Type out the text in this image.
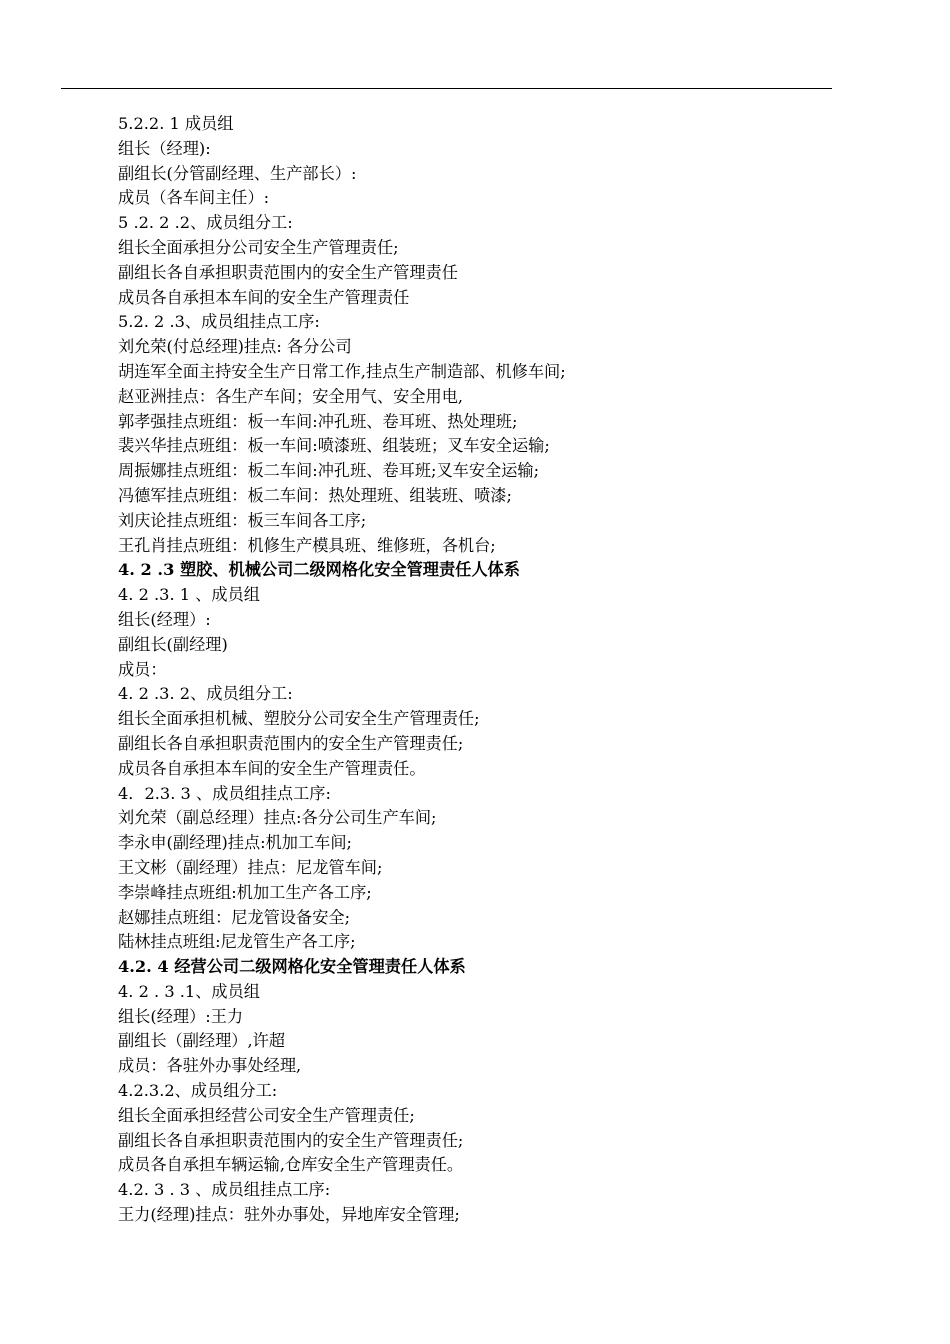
5.2.2. 1 成员组
组长（经理):
副组长(分管副经理、生产部长）:
成员（各车间主任）:
5 .2. 2 .2、成员组分工:
组长全面承担分公司安全生产管理责任;
副组长各自承担职责范围内的安全生产管理责任
成员各自承担本车间的安全生产管理责任
5.2. 2 .3、成员组挂点工序:
刘允荣(付总经理)挂点: 各分公司
胡连军全面主持安全生产日常工作,挂点生产制造部、机修车间;
赵亚洲挂点：各生产车间；安全用气、安全用电,
郭孝强挂点班组：板一车间:冲孔班、卷耳班、热处理班;
裴兴华挂点班组：板一车间:喷漆班、组装班；叉车安全运输;
周振娜挂点班组：板二车间:冲孔班、卷耳班;叉车安全运输;
冯德军挂点班组：板二车间：热处理班、组装班、喷漆;
刘庆论挂点班组：板三车间各工序;
王孔肖挂点班组：机修生产模具班、维修班，各机台;
4. 2 .3 塑胶、机械公司二级网格化安全管理责任人体系
4. 2 .3. 1 、成员组
组长(经理）:
副组长(副经理)
成员：
4. 2 .3. 2、成员组分工:
组长全面承担机械、塑胶分公司安全生产管理责任;
副组长各自承担职责范围内的安全生产管理责任;
成员各自承担本车间的安全生产管理责任。
4．2.3. 3 、成员组挂点工序:
刘允荣（副总经理）挂点:各分公司生产车间;
李永申(副经理)挂点:机加工车间;
王文彬（副经理）挂点：尼龙管车间;
李崇峰挂点班组:机加工生产各工序;
赵娜挂点班组：尼龙管设备安全;
陆林挂点班组:尼龙管生产各工序;
4.2. 4 经营公司二级网格化安全管理责任人体系
4. 2 . 3 .1、成员组
组长(经理）:王力
副组长（副经理）,许超
成员：各驻外办事处经理,
4.2.3.2、成员组分工:
组长全面承担经营公司安全生产管理责任;
副组长各自承担职责范围内的安全生产管理责任;
成员各自承担车辆运输,仓库安全生产管理责任。
4.2. 3 . 3 、成员组挂点工序:
王力(经理)挂点：驻外办事处，异地库安全管理;
